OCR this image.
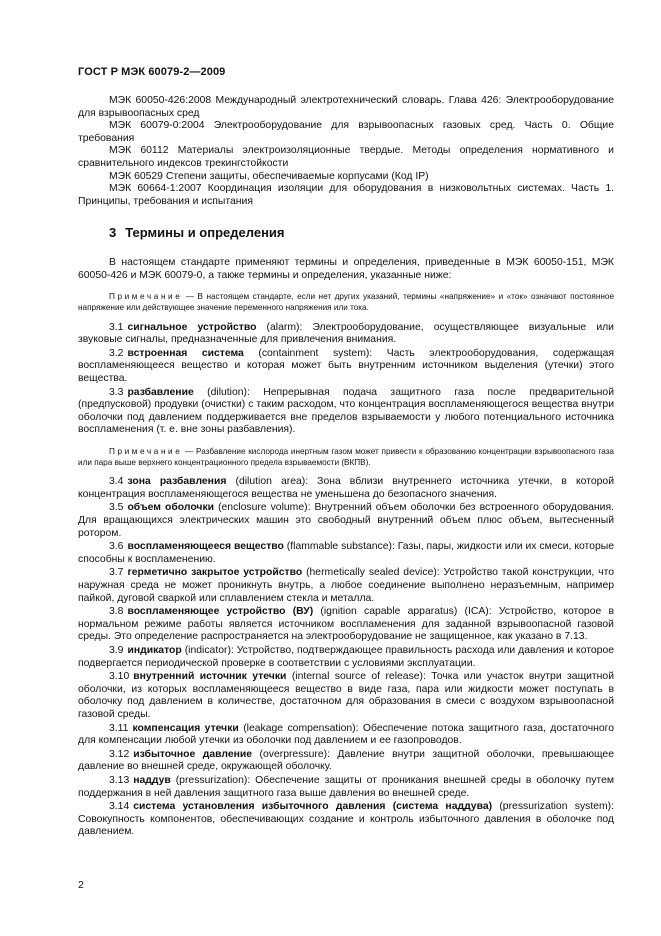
ГОСТ Р МЭК 60079-2—2009

МЭК 60050-426:2008 Международный электротехнический словарь. Глава 426: Электрооборудование для взрывоопасных сред

МЭК 60079-0:2004 Электрооборудование для взрывоопасных газовых сред. Часть 0. Общие требования

МЭК 60112 Материалы электроизоляционные твердые. Методы определения нормативного и сравнительного индексов трекингстойкости

МЭК 60529 Степени защиты, обеспечиваемые корпусами (Код IP)

МЭК 60664-1:2007 Координация изоляции для оборудования в низковольтных системах. Часть 1. Принципы, требования и испытания

3 Термины и определения

В настоящем стандарте применяют термины и определения, приведенные в МЭК 60050-151, МЭК 60050-426 и МЭК 60079-0, а также термины и определения, указанные ниже:

Примечание — В настоящем стандарте, если нет других указаний, термины «напряжение» и «ток» означают постоянное напряжение или действующее значение переменного напряжения или тока.

3.1 сигнальное устройство (alarm): Электрооборудование, осуществляющее визуальные или звуковые сигналы, предназначенные для привлечения внимания.

3.2 встроенная система (containment system): Часть электрооборудования, содержащая воспламеняющееся вещество и которая может быть внутренним источником выделения (утечки) этого вещества.

3.3 разбавление (dilution): Непрерывная подача защитного газа после предварительной (предпусковой) продувки (очистки) с таким расходом, что концентрация воспламеняющегося вещества внутри оболочки под давлением поддерживается вне пределов взрываемости у любого потенциального источника воспламенения (т. е. вне зоны разбавления).

Примечание — Разбавление кислорода инертным газом может привести к образованию концентрации взрывоопасного газа или пара выше верхнего концентрационного предела взрываемости (ВКПВ).

3.4 зона разбавления (dilution area): Зона вблизи внутреннего источника утечки, в которой концентрация воспламеняющегося вещества не уменьшена до безопасного значения.

3.5 объем оболочки (enclosure volume): Внутренний объем оболочки без встроенного оборудования. Для вращающихся электрических машин это свободный внутренний объем плюс объем, вытесненный ротором.

3.6 воспламеняющееся вещество (flammable substance): Газы, пары, жидкости или их смеси, которые способны к воспламенению.

3.7 герметично закрытое устройство (hermetically sealed device): Устройство такой конструкции, что наружная среда не может проникнуть внутрь, а любое соединение выполнено неразъемным, например пайкой, дуговой сваркой или сплавлением стекла и металла.

3.8 воспламеняющее устройство (ВУ) (ignition capable apparatus) (ICA): Устройство, которое в нормальном режиме работы является источником воспламенения для заданной взрывоопасной газовой среды. Это определение распространяется на электрооборудование не защищенное, как указано в 7.13.

3.9 индикатор (indicator): Устройство, подтверждающее правильность расхода или давления и которое подвергается периодической проверке в соответствии с условиями эксплуатации.

3.10 внутренний источник утечки (internal source of release): Точка или участок внутри защитной оболочки, из которых воспламеняющееся вещество в виде газа, пара или жидкости может поступать в оболочку под давлением в количестве, достаточном для образования в смеси с воздухом взрывоопасной газовой среды.

3.11 компенсация утечки (leakage compensation): Обеспечение потока защитного газа, достаточного для компенсации любой утечки из оболочки под давлением и ее газопроводов.

3.12 избыточное давление (overpressure): Давление внутри защитной оболочки, превышающее давление во внешней среде, окружающей оболочку.

3.13 наддув (pressurization): Обеспечение защиты от проникания внешней среды в оболочку путем поддержания в ней давления защитного газа выше давления во внешней среде.

3.14 система установления избыточного давления (система наддува) (pressurization system): Совокупность компонентов, обеспечивающих создание и контроль избыточного давления в оболочке под давлением.

2
